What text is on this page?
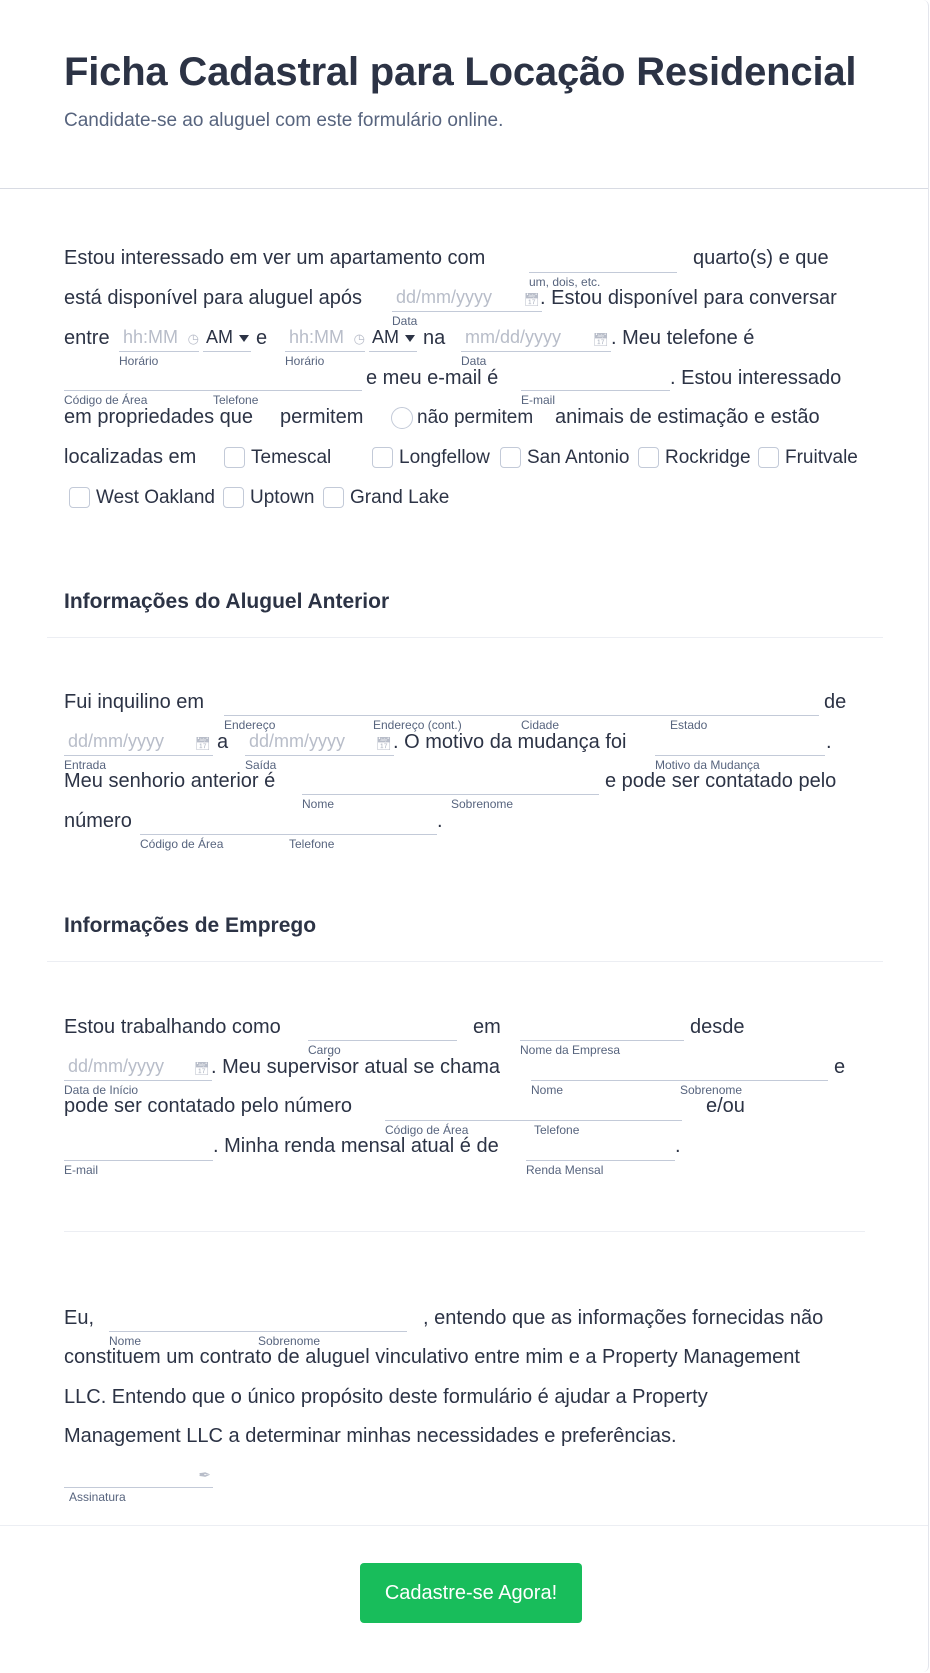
Ficha Cadastral para Locação Residencial
Candidate-se ao aluguel com este formulário online.
Estou interessado em ver um apartamento com
um, dois, etc.
quarto(s) e que
está disponível para aluguel após dd/mm/yyyy 📅︎
Data
. Estou disponível para conversar
entre hh:MM ◷
Horário
AM e hh:MM ◷
Horário
AM na mm/dd/yyyy 📅︎
Data
. Meu telefone é
Código de Área	Telefone
e meu e-mail é
E-mail
. Estou interessado
em propriedades que permitem	não permitem animais de estimação e estão
localizadas em	Temescal	Longfellow San Antonio Rockridge Fruitvale
West Oakland Uptown Grand Lake
Informações do Aluguel Anterior
Fui inquilino em
Endereço	Endereço (cont.)	Cidade	Estado
de
dd/mm/yyyy 📅︎
Entrada
a dd/mm/yyyy 📅︎
Saída
. O motivo da mudança foi
Motivo da Mudança
.
Meu senhorio anterior é
Nome	Sobrenome
e pode ser contatado pelo
número
Código de Área	Telefone
.
Informações de Emprego
Estou trabalhando como
Cargo
em
Nome da Empresa
desde
dd/mm/yyyy 📅︎
Data de Início
. Meu supervisor atual se chama
Nome	Sobrenome
e
pode ser contatado pelo número
Código de Área	Telefone
e/ou
E-mail
. Minha renda mensal atual é de
Renda Mensal
.
Eu,
Nome	Sobrenome
, entendo que as informações fornecidas não
constituem um contrato de aluguel vinculativo entre mim e a Property Management
LLC. Entendo que o único propósito deste formulário é ajudar a Property
Management LLC a determinar minhas necessidades e preferências.
✒
Assinatura
Cadastre-se Agora!
